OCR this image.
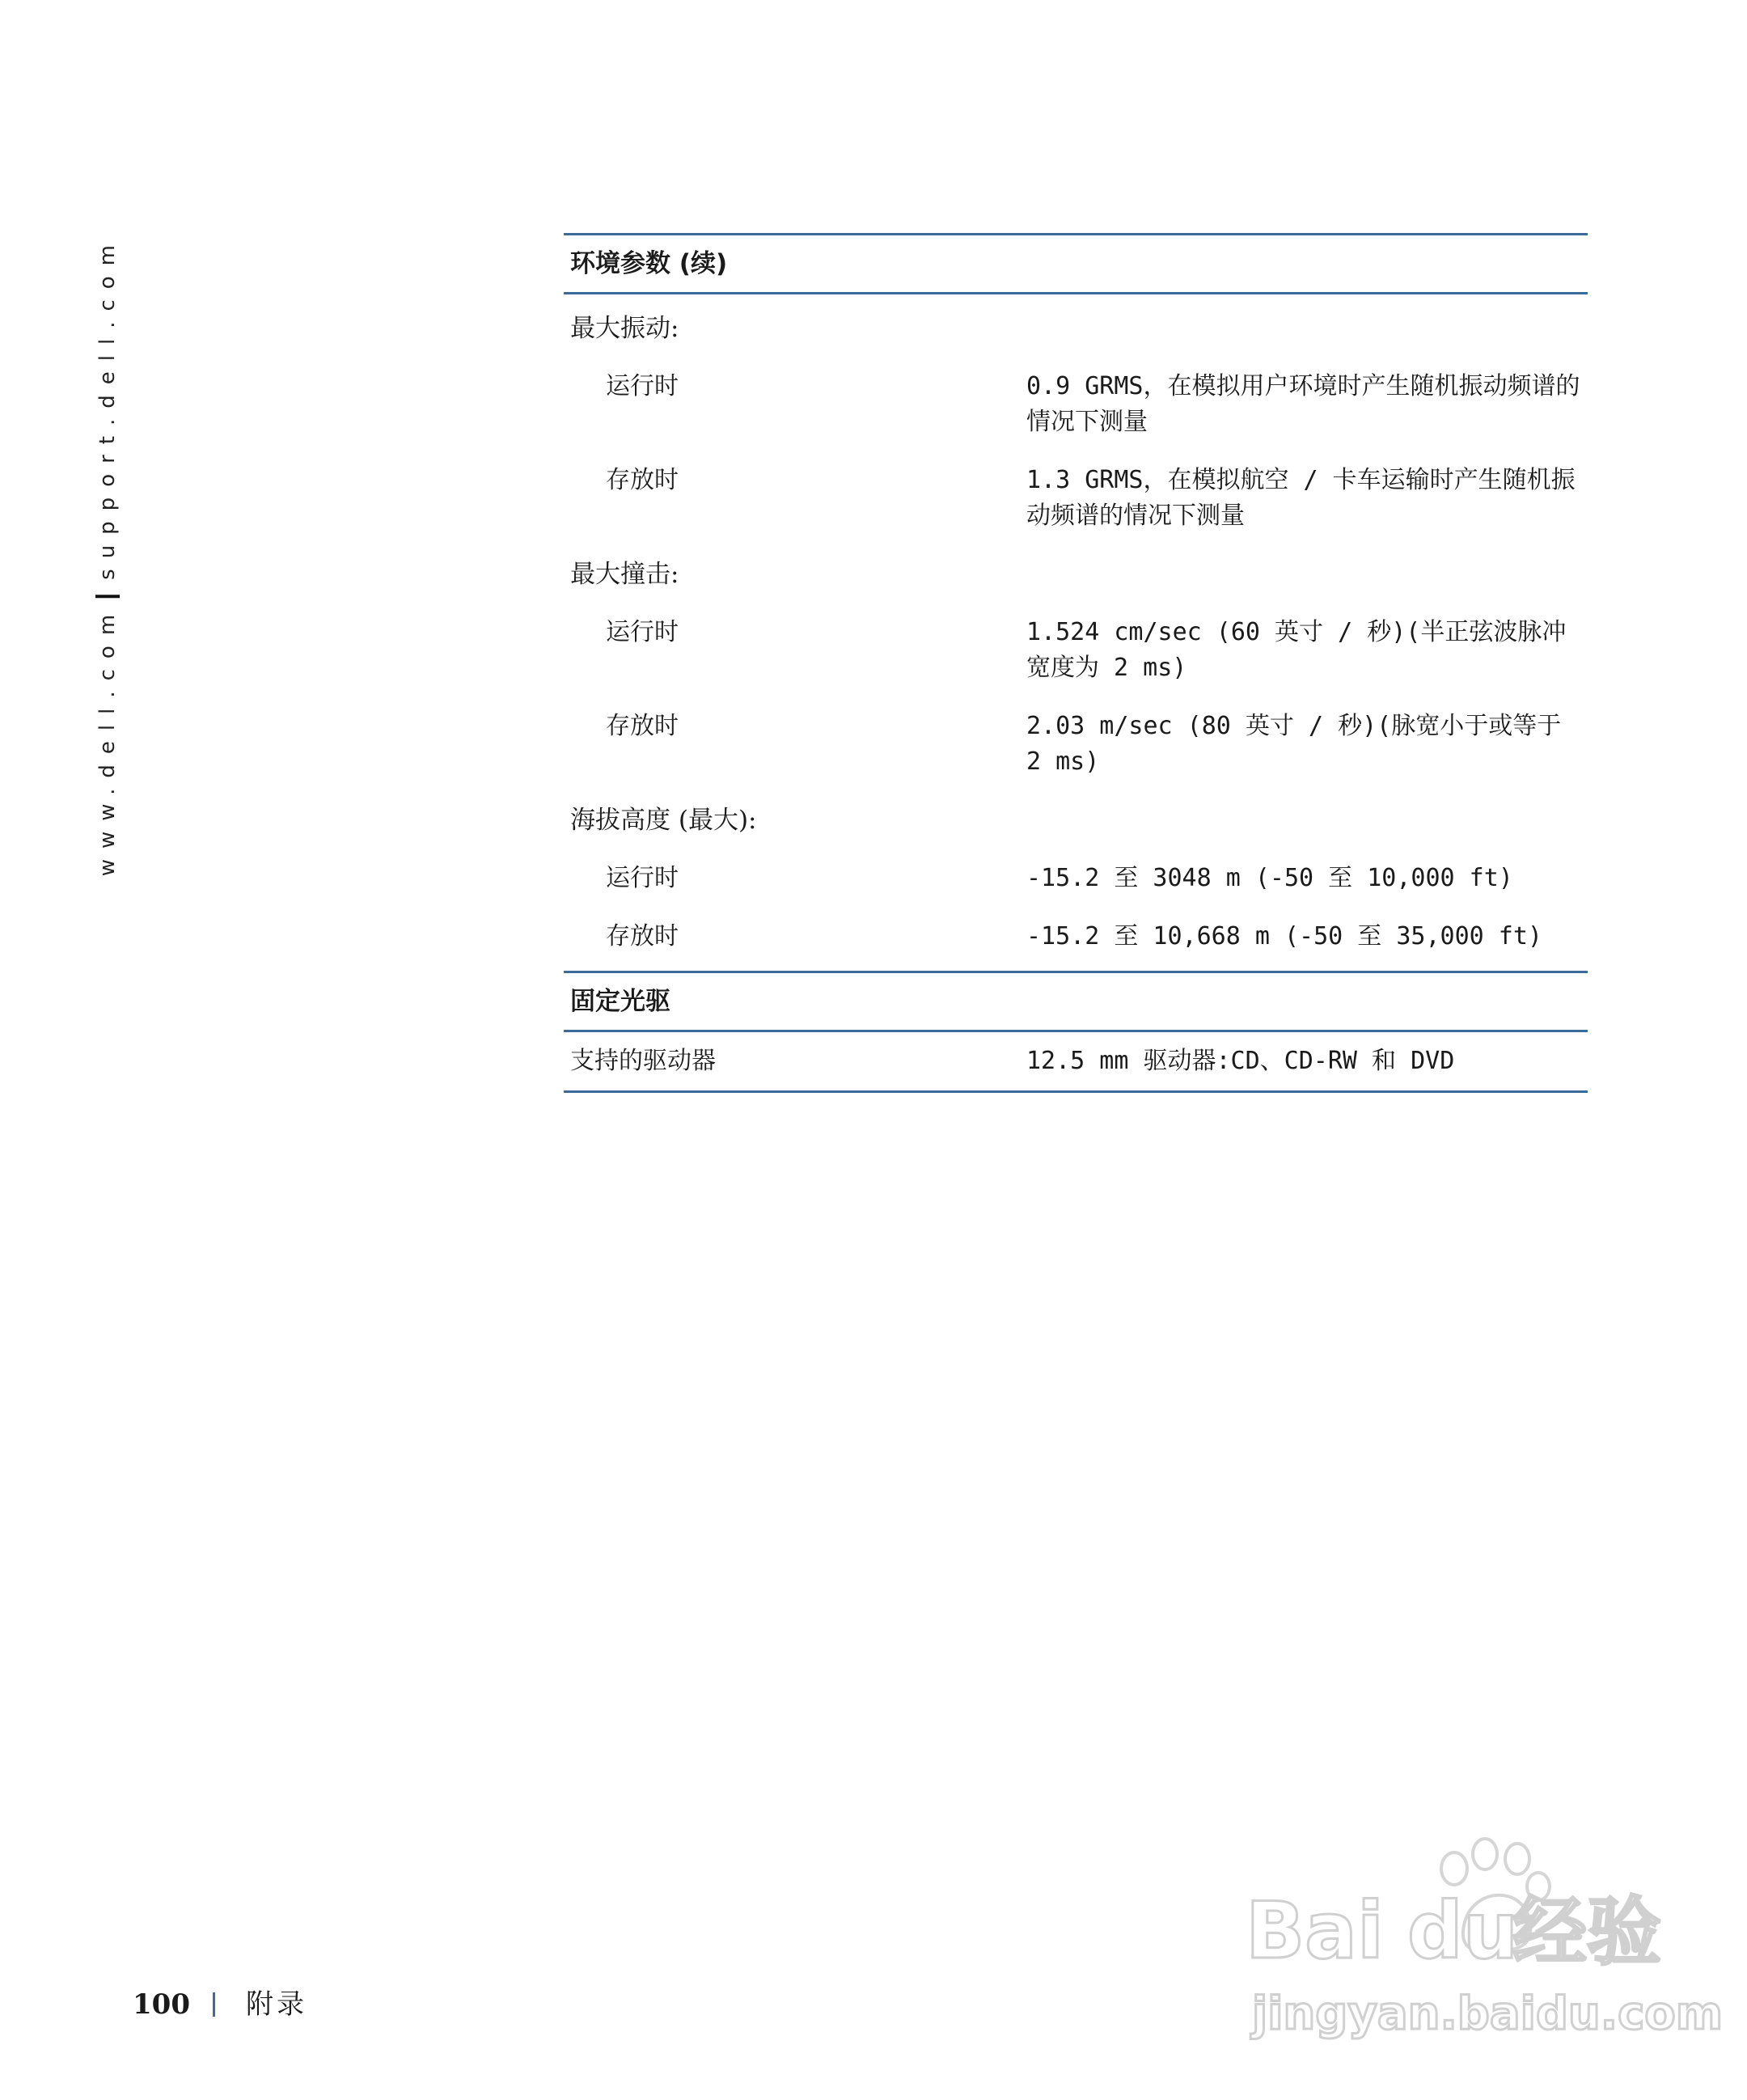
www.dell.com
support.dell.com	环境参数 (续)
最大振动:
运行时	0.9 GRMS，在模拟用户环境时产生随机振动频谱的情况下测量
存放时	1.3 GRMS，在模拟航空 / 卡车运输时产生随机振动频谱的情况下测量
最大撞击:
运行时	1.524 cm/sec (60 英寸 / 秒)(半正弦波脉冲宽度为 2 ms)
存放时	2.03 m/sec (80 英寸 / 秒)(脉宽小于或等于 2 ms)
海拔高度 (最大):
运行时	-15.2 至 3048 m (-50 至 10,000 ft)
存放时	-15.2 至 10,668 m (-50 至 35,000 ft)
固定光驱
支持的驱动器	12.5 mm 驱动器:CD、CD-RW 和 DVD
100 附录
Bai du
经验
jingyan.baidu.com
